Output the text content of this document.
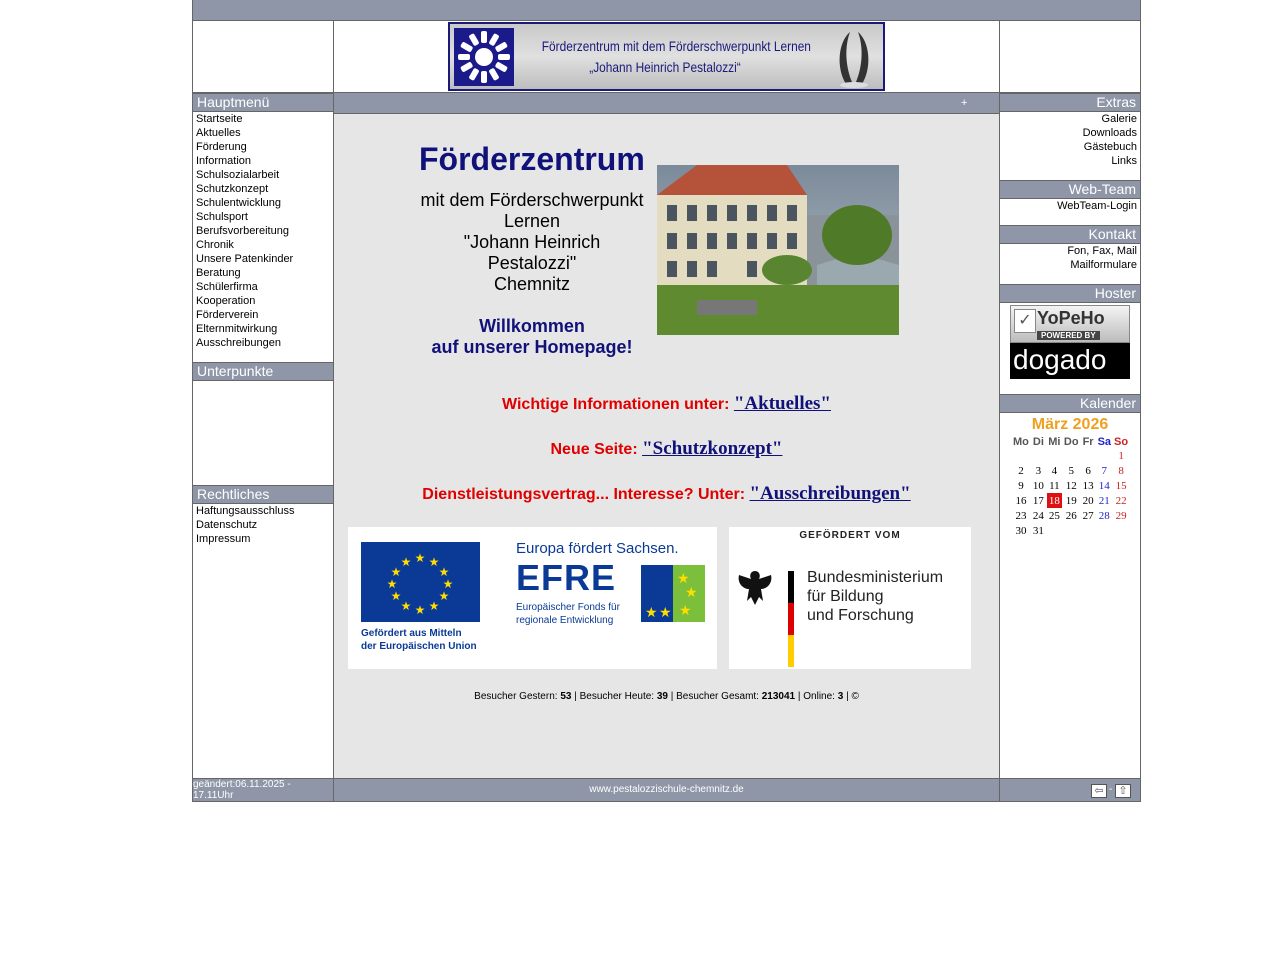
Förderzentrum mit dem Förderschwerpunkt Lernen
„Johann Heinrich Pestalozzi“
Hauptmenü
Startseite
Aktuelles
Förderung
Information
Schulsozialarbeit
Schutzkonzept
Schulentwicklung
Schulsport
Berufsvorbereitung
Chronik
Unsere Patenkinder
Beratung
Schülerfirma
Kooperation
Förderverein
Elternmitwirkung
Ausschreibungen
Unterpunkte
Rechtliches
Haftungsausschluss
Datenschutz
Impressum
+
Förderzentrum
mit dem Förderschwerpunkt
Lernen
"Johann Heinrich
Pestalozzi"
Chemnitz
Willkommen
auf unserer Homepage!
Wichtige Informationen unter: "Aktuelles"
Neue Seite: "Schutzkonzept"
Dienstleistungsvertrag... Interesse? Unter: "Ausschreibungen"
★ ★
★
★
★
★
★
★
★
★
★
★
Gefördert aus Mitteln
der Europäischen Union
Europa fördert Sachsen.
EFRE
★ ★
★
★
★
Europäischer Fonds für
regionale Entwicklung
GEFÖRDERT VOM
Bundesministerium
für Bildung
und Forschung
Besucher Gestern: 53 | Besucher Heute: 39 | Besucher Gesamt: 213041 | Online: 3 | ©
Extras
Galerie
Downloads
Gästebuch
Links
Web-Team
WebTeam-Login
Kontakt
Fon, Fax, Mail
Mailformulare
Hoster
✓ YoPeHo
POWERED BY
dogado
Kalender
März 2026
Mo	Di	Mi	Do	Fr	Sa	So
						1
2	3	4	5	6	7	8
9	10	11	12	13	14	15
16	17	18	19	20	21	22
23	24	25	26	27	28	29
30	31					
geändert:06.11.2025 - 17.11Uhr
www.pestalozzischule-chemnitz.de	⇦ - ⇧
